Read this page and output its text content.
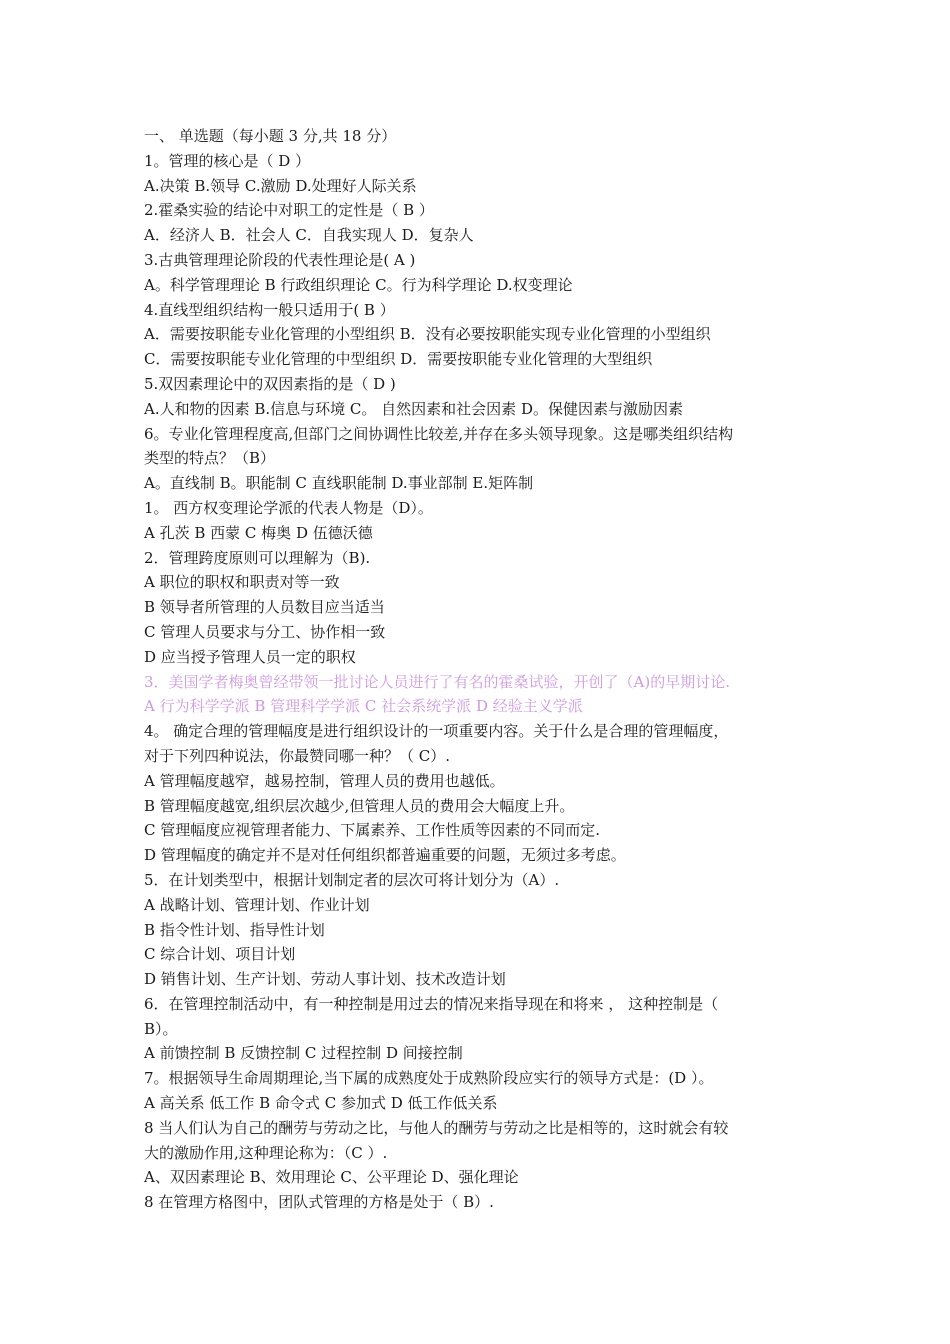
一、 单选题（每小题 3 分,共 18 分）

1。管理的核心是（ D ）

A.决策 B.领导 C.激励 D.处理好人际关系

2.霍桑实验的结论中对职工的定性是（ B ）

A．经济人 B．社会人 C．自我实现人 D．复杂人

3.古典管理理论阶段的代表性理论是( A )

A。科学管理理论 B 行政组织理论 C。行为科学理论 D.权变理论

4.直线型组织结构一般只适用于( B ）

A．需要按职能专业化管理的小型组织 B．没有必要按职能实现专业化管理的小型组织

C．需要按职能专业化管理的中型组织 D．需要按职能专业化管理的大型组织

5.双因素理论中的双因素指的是（ D )

A.人和物的因素 B.信息与环境 C。 自然因素和社会因素 D。保健因素与激励因素

6。专业化管理程度高,但部门之间协调性比较差,并存在多头领导现象。这是哪类组织结构

类型的特点？（B）

A。直线制 B。职能制 C 直线职能制 D.事业部制 E.矩阵制

1。 西方权变理论学派的代表人物是（D）。

A 孔茨 B 西蒙 C 梅奥 D 伍德沃德

2．管理跨度原则可以理解为（B).

A 职位的职权和职责对等一致

B 领导者所管理的人员数目应当适当

C 管理人员要求与分工、协作相一致

D 应当授予管理人员一定的职权

3．美国学者梅奥曾经带领一批讨论人员进行了有名的霍桑试验，开创了（A)的早期讨论.

A 行为科学学派 B 管理科学学派 C 社会系统学派 D 经验主义学派

4。 确定合理的管理幅度是进行组织设计的一项重要内容。关于什么是合理的管理幅度，

对于下列四种说法，你最赞同哪一种？（ C）.

A 管理幅度越窄，越易控制，管理人员的费用也越低。

B 管理幅度越宽,组织层次越少,但管理人员的费用会大幅度上升。

C 管理幅度应视管理者能力、下属素养、工作性质等因素的不同而定.

D 管理幅度的确定并不是对任何组织都普遍重要的问题，无须过多考虑。

5．在计划类型中，根据计划制定者的层次可将计划分为（A）.

A 战略计划、管理计划、作业计划

B 指令性计划、指导性计划

C 综合计划、项目计划

D 销售计划、生产计划、劳动人事计划、技术改造计划

6．在管理控制活动中，有一种控制是用过去的情况来指导现在和将来 ， 这种控制是（

B）。

A 前馈控制 B 反馈控制 C 过程控制 D 间接控制

7。根据领导生命周期理论,当下属的成熟度处于成熟阶段应实行的领导方式是：(D ）。

A 高关系 低工作 B 命令式 C 参加式 D 低工作低关系

8 当人们认为自己的酬劳与劳动之比，与他人的酬劳与劳动之比是相等的，这时就会有较

大的激励作用,这种理论称为：（C ）.

A、双因素理论 B、效用理论 C、公平理论 D、强化理论

8 在管理方格图中，团队式管理的方格是处于（ B）.
